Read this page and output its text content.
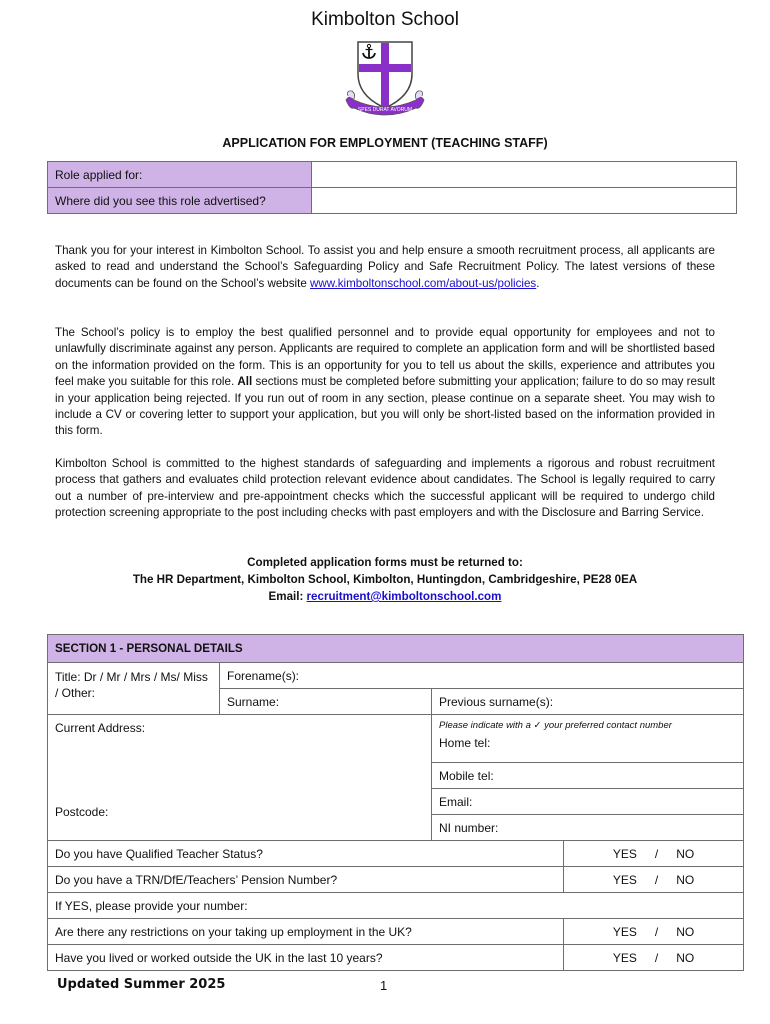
Kimbolton School
SPES DURAT AVORUM
APPLICATION FOR EMPLOYMENT (TEACHING STAFF)
Role applied for:	
Where did you see this role advertised?	

Thank you for your interest in Kimbolton School. To assist you and help ensure a smooth recruitment process, all applicants are asked to read and understand the School’s Safeguarding Policy and Safe Recruitment Policy. The latest versions of these documents can be found on the School’s website www.kimboltonschool.com/about-us/policies.

The School’s policy is to employ the best qualified personnel and to provide equal opportunity for employees and not to unlawfully discriminate against any person. Applicants are required to complete an application form and will be shortlisted based on the information provided on the form. This is an opportunity for you to tell us about the skills, experience and attributes you feel make you suitable for this role. All sections must be completed before submitting your application; failure to do so may result in your application being rejected. If you run out of room in any section, please continue on a separate sheet. You may wish to include a CV or covering letter to support your application, but you will only be short-listed based on the information provided in this form.

Kimbolton School is committed to the highest standards of safeguarding and implements a rigorous and robust recruitment process that gathers and evaluates child protection relevant evidence about candidates. The School is legally required to carry out a number of pre-interview and pre-appointment checks which the successful applicant will be required to undergo child protection screening appropriate to the post including checks with past employers and with the Disclosure and Barring Service.

Completed application forms must be returned to:
The HR Department, Kimbolton School, Kimbolton, Huntingdon, Cambridgeshire, PE28 0EA
Email: recruitment@kimboltonschool.com
SECTION 1 - PERSONAL DETAILS			
Title: Dr / Mr / Mrs / Ms/ Miss / Other:	Forename(s):		
	Surname:	Previous surname(s):	

Current Address:
Postcode:

Please indicate with a ✓ your preferred contact number
Home tel:
		Mobile tel:	
		Email:	
		NI number:	
Do you have Qualified Teacher Status?			YES / NO
Do you have a TRN/DfE/Teachers’ Pension Number?			YES / NO
If YES, please provide your number:			
Are there any restrictions on your taking up employment in the UK?			YES / NO
Have you lived or worked outside the UK in the last 10 years?			YES / NO
Updated Summer 2025	1
